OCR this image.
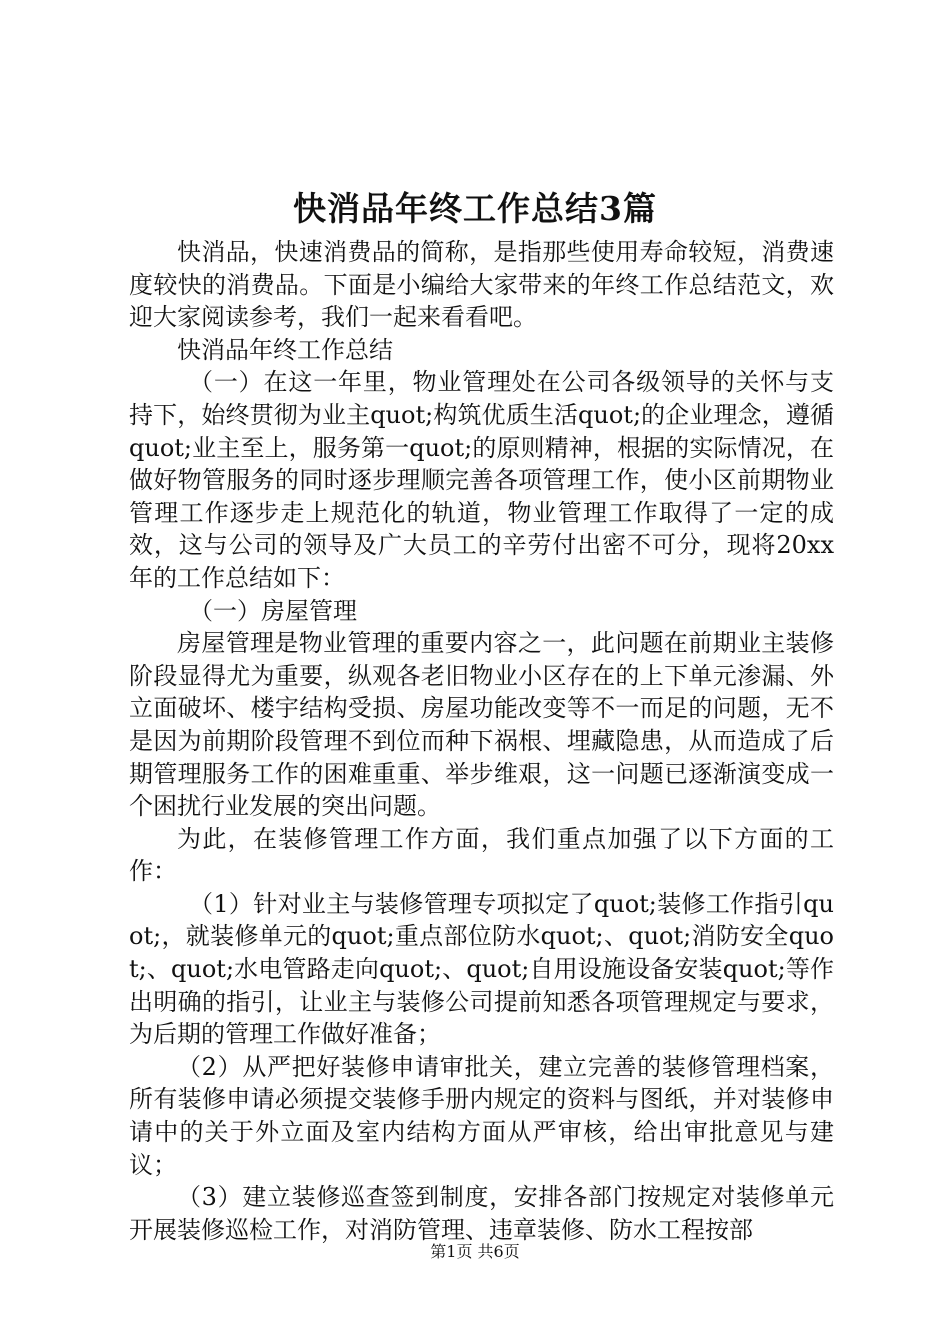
快消品年终工作总结3篇

快消品，快速消费品的简称，是指那些使用寿命较短，消费速度较快的消费品。下面是小编给大家带来的年终工作总结范文，欢迎大家阅读参考，我们一起来看看吧。

快消品年终工作总结

（一）在这一年里，物业管理处在公司各级领导的关怀与支持下，始终贯彻为业主quot;构筑优质生活quot;的企业理念，遵循quot;业主至上，服务第一quot;的原则精神，根据的实际情况，在做好物管服务的同时逐步理顺完善各项管理工作，使小区前期物业管理工作逐步走上规范化的轨道，物业管理工作取得了一定的成效，这与公司的领导及广大员工的辛劳付出密不可分，现将20xx年的工作总结如下：

（一）房屋管理

房屋管理是物业管理的重要内容之一，此问题在前期业主装修阶段显得尤为重要，纵观各老旧物业小区存在的上下单元渗漏、外立面破坏、楼宇结构受损、房屋功能改变等不一而足的问题，无不是因为前期阶段管理不到位而种下祸根、埋藏隐患，从而造成了后期管理服务工作的困难重重、举步维艰，这一问题已逐渐演变成一个困扰行业发展的突出问题。

为此，在装修管理工作方面，我们重点加强了以下方面的工作：

（1）针对业主与装修管理专项拟定了quot;装修工作指引quot;，就装修单元的quot;重点部位防水quot;、quot;消防安全quot;、quot;水电管路走向quot;、quot;自用设施设备安装quot;等作出明确的指引，让业主与装修公司提前知悉各项管理规定与要求，为后期的管理工作做好准备；

（2）从严把好装修申请审批关，建立完善的装修管理档案，所有装修申请必须提交装修手册内规定的资料与图纸，并对装修申请中的关于外立面及室内结构方面从严审核，给出审批意见与建议；

（3）建立装修巡查签到制度，安排各部门按规定对装修单元开展装修巡检工作，对消防管理、违章装修、防水工程按部

第1页 共6页
